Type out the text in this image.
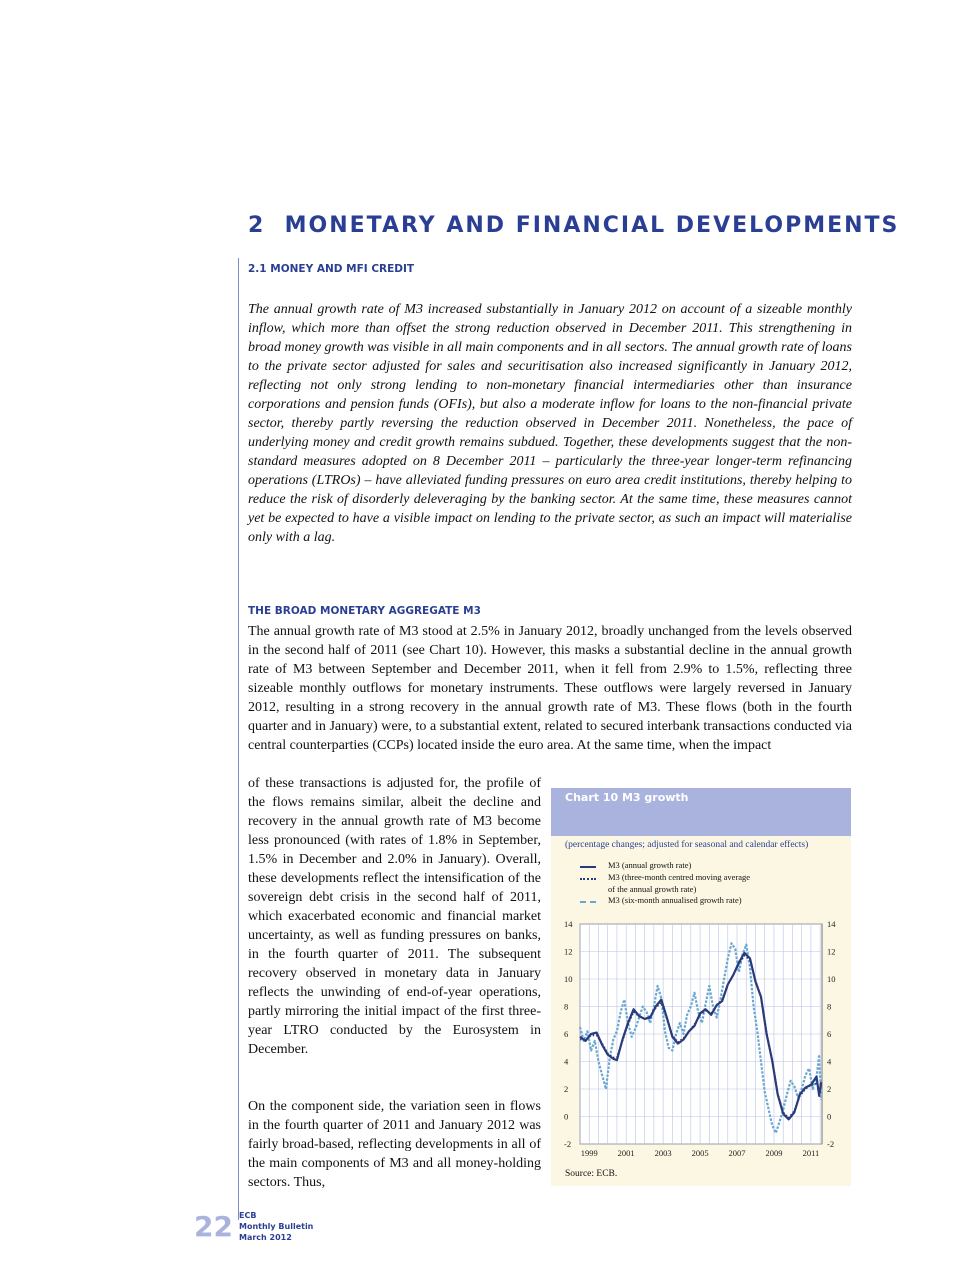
2 MONETARY AND FINANCIAL DEVELOPMENTS
2.1 MONEY AND MFI CREDIT

The annual growth rate of M3 increased substantially in January 2012 on account of a sizeable monthly inflow, which more than offset the strong reduction observed in December 2011. This strengthening in broad money growth was visible in all main components and in all sectors. The annual growth rate of loans to the private sector adjusted for sales and securitisation also increased significantly in January 2012, reflecting not only strong lending to non-monetary financial intermediaries other than insurance corporations and pension funds (OFIs), but also a moderate inflow for loans to the non-financial private sector, thereby partly reversing the reduction observed in December 2011. Nonetheless, the pace of underlying money and credit growth remains subdued. Together, these developments suggest that the non-standard measures adopted on 8 December 2011 – particularly the three-year longer-term refinancing operations (LTROs) – have alleviated funding pressures on euro area credit institutions, thereby helping to reduce the risk of disorderly deleveraging by the banking sector. At the same time, these measures cannot yet be expected to have a visible impact on lending to the private sector, as such an impact will materialise only with a lag.

THE BROAD MONETARY AGGREGATE M3

The annual growth rate of M3 stood at 2.5% in January 2012, broadly unchanged from the levels observed in the second half of 2011 (see Chart 10). However, this masks a substantial decline in the annual growth rate of M3 between September and December 2011, when it fell from 2.9% to 1.5%, reflecting three sizeable monthly outflows for monetary instruments. These outflows were largely reversed in January 2012, resulting in a strong recovery in the annual growth rate of M3. These flows (both in the fourth quarter and in January) were, to a substantial extent, related to secured interbank transactions conducted via central counterparties (CCPs) located inside the euro area. At the same time, when the impact

of these transactions is adjusted for, the profile of the flows remains similar, albeit the decline and recovery in the annual growth rate of M3 become less pronounced (with rates of 1.8% in September, 1.5% in December and 2.0% in January). Overall, these developments reflect the intensification of the sovereign debt crisis in the second half of 2011, which exacerbated economic and financial market uncertainty, as well as funding pressures on banks, in the fourth quarter of 2011. The subsequent recovery observed in monetary data in January reflects the unwinding of end-of-year operations, partly mirroring the initial impact of the first three-year LTRO conducted by the Eurosystem in December.

On the component side, the variation seen in flows in the fourth quarter of 2011 and January 2012 was fairly broad-based, reflecting developments in all of the main components of M3 and all money-holding sectors. Thus,

Chart 10 M3 growth
(percentage changes; adjusted for seasonal and calendar effects)
M3 (annual growth rate)
M3 (three-month centred moving average
of the annual growth rate)
M3 (six-month annualised growth rate)
-2	-2
0	0
2	2
4	4
6	6
8	8
10	10
12	12
14	14
1999 2001 2003 2005 2007 2009 2011
Source: ECB.
22 ECB
Monthly Bulletin
March 2012
